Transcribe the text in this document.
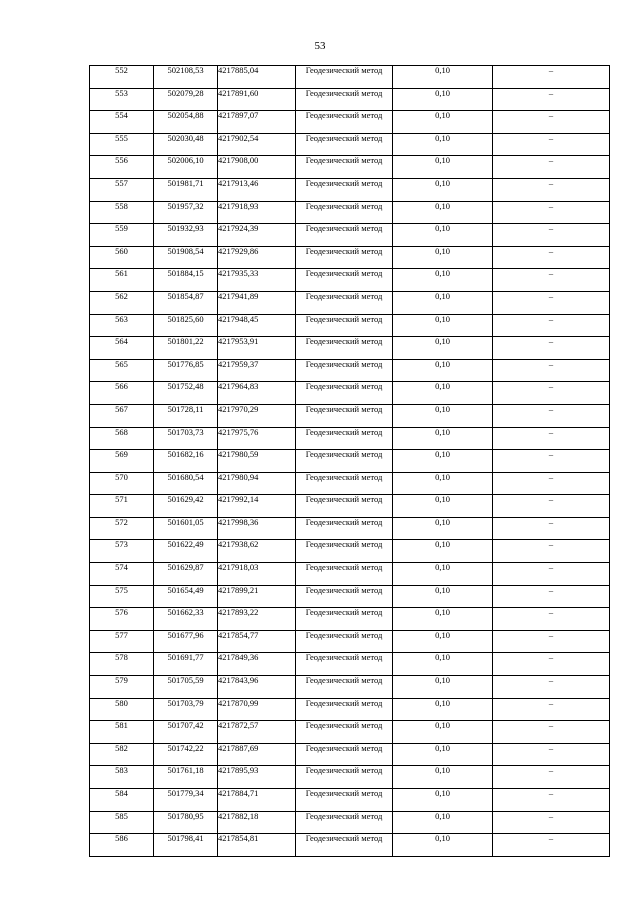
53
552	502108,53	4217885,04	Геодезический метод	0,10	–
553	502079,28	4217891,60	Геодезический метод	0,10	–
554	502054,88	4217897,07	Геодезический метод	0,10	–
555	502030,48	4217902,54	Геодезический метод	0,10	–
556	502006,10	4217908,00	Геодезический метод	0,10	–
557	501981,71	4217913,46	Геодезический метод	0,10	–
558	501957,32	4217918,93	Геодезический метод	0,10	–
559	501932,93	4217924,39	Геодезический метод	0,10	–
560	501908,54	4217929,86	Геодезический метод	0,10	–
561	501884,15	4217935,33	Геодезический метод	0,10	–
562	501854,87	4217941,89	Геодезический метод	0,10	–
563	501825,60	4217948,45	Геодезический метод	0,10	–
564	501801,22	4217953,91	Геодезический метод	0,10	–
565	501776,85	4217959,37	Геодезический метод	0,10	–
566	501752,48	4217964,83	Геодезический метод	0,10	–
567	501728,11	4217970,29	Геодезический метод	0,10	–
568	501703,73	4217975,76	Геодезический метод	0,10	–
569	501682,16	4217980,59	Геодезический метод	0,10	–
570	501680,54	4217980,94	Геодезический метод	0,10	–
571	501629,42	4217992,14	Геодезический метод	0,10	–
572	501601,05	4217998,36	Геодезический метод	0,10	–
573	501622,49	4217938,62	Геодезический метод	0,10	–
574	501629,87	4217918,03	Геодезический метод	0,10	–
575	501654,49	4217899,21	Геодезический метод	0,10	–
576	501662,33	4217893,22	Геодезический метод	0,10	–
577	501677,96	4217854,77	Геодезический метод	0,10	–
578	501691,77	4217849,36	Геодезический метод	0,10	–
579	501705,59	4217843,96	Геодезический метод	0,10	–
580	501703,79	4217870,99	Геодезический метод	0,10	–
581	501707,42	4217872,57	Геодезический метод	0,10	–
582	501742,22	4217887,69	Геодезический метод	0,10	–
583	501761,18	4217895,93	Геодезический метод	0,10	–
584	501779,34	4217884,71	Геодезический метод	0,10	–
585	501780,95	4217882,18	Геодезический метод	0,10	–
586	501798,41	4217854,81	Геодезический метод	0,10	–
